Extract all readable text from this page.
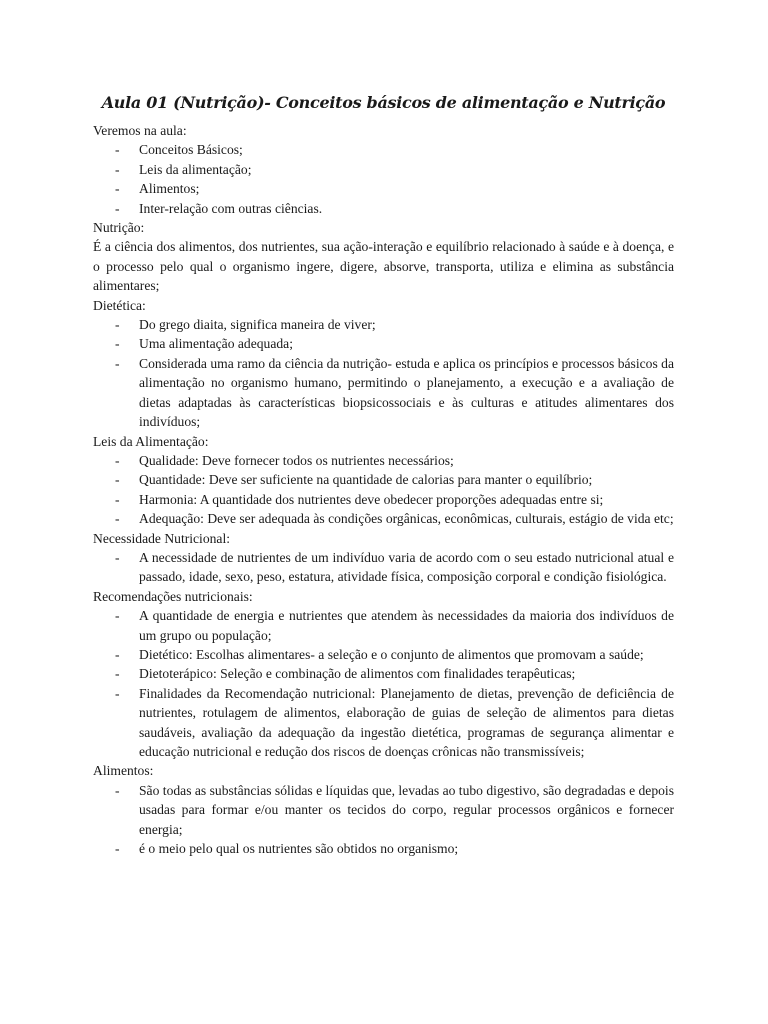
Aula 01 (Nutrição)- Conceitos básicos de alimentação e Nutrição

Veremos na aula:

- Conceitos Básicos;
- Leis da alimentação;
- Alimentos;
- Inter-relação com outras ciências.

Nutrição:

É a ciência dos alimentos, dos nutrientes, sua ação-interação e equilíbrio relacionado à saúde e à doença, e o processo pelo qual o organismo ingere, digere, absorve, transporta, utiliza e elimina as substância alimentares;

Dietética:

- Do grego diaita, significa maneira de viver;
- Uma alimentação adequada;
- Considerada uma ramo da ciência da nutrição- estuda e aplica os princípios e processos básicos da alimentação no organismo humano, permitindo o planejamento, a execução e a avaliação de dietas adaptadas às características biopsicossociais e às culturas e atitudes alimentares dos indivíduos;

Leis da Alimentação:

- Qualidade: Deve fornecer todos os nutrientes necessários;
- Quantidade: Deve ser suficiente na quantidade de calorias para manter o equilíbrio;
- Harmonia: A quantidade dos nutrientes deve obedecer proporções adequadas entre si;
- Adequação: Deve ser adequada às condições orgânicas, econômicas, culturais, estágio de vida etc;

Necessidade Nutricional:

- A necessidade de nutrientes de um indivíduo varia de acordo com o seu estado nutricional atual e passado, idade, sexo, peso, estatura, atividade física, composição corporal e condição fisiológica.

Recomendações nutricionais:

- A quantidade de energia e nutrientes que atendem às necessidades da maioria dos indivíduos de um grupo ou população;
- Dietético: Escolhas alimentares- a seleção e o conjunto de alimentos que promovam a saúde;
- Dietoterápico: Seleção e combinação de alimentos com finalidades terapêuticas;
- Finalidades da Recomendação nutricional: Planejamento de dietas, prevenção de deficiência de nutrientes, rotulagem de alimentos, elaboração de guias de seleção de alimentos para dietas saudáveis, avaliação da adequação da ingestão dietética, programas de segurança alimentar e educação nutricional e redução dos riscos de doenças crônicas não transmissíveis;

Alimentos:

- São todas as substâncias sólidas e líquidas que, levadas ao tubo digestivo, são degradadas e depois usadas para formar e/ou manter os tecidos do corpo, regular processos orgânicos e fornecer energia;
- é o meio pelo qual os nutrientes são obtidos no organismo;
